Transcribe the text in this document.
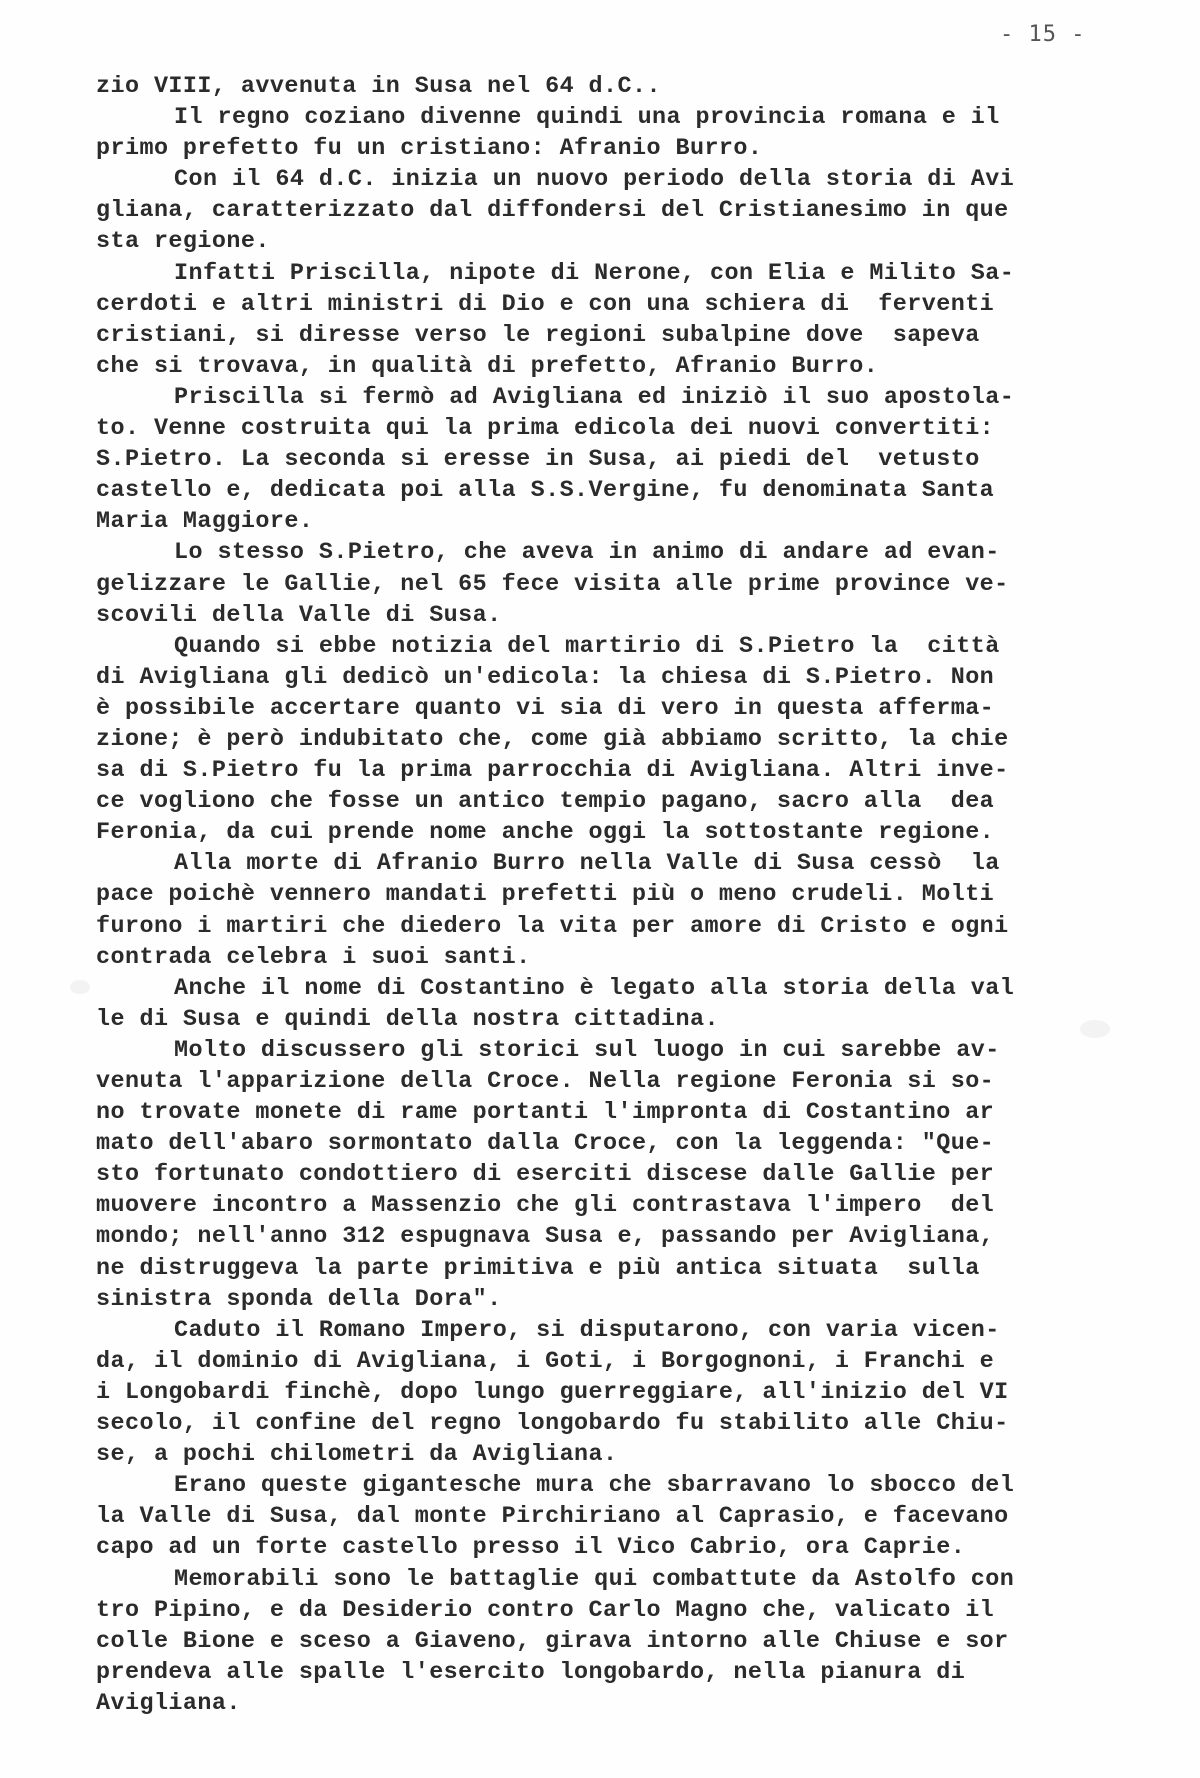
- 15 -
zio VIII, avvenuta in Susa nel 64 d.C..
Il regno coziano divenne quindi una provincia romana e il
primo prefetto fu un cristiano: Afranio Burro.
Con il 64 d.C. inizia un nuovo periodo della storia di Avi
gliana, caratterizzato dal diffondersi del Cristianesimo in que
sta regione.
Infatti Priscilla, nipote di Nerone, con Elia e Milito Sa-
cerdoti e altri ministri di Dio e con una schiera di  ferventi
cristiani, si diresse verso le regioni subalpine dove  sapeva
che si trovava, in qualità di prefetto, Afranio Burro.
Priscilla si fermò ad Avigliana ed iniziò il suo apostola-
to. Venne costruita qui la prima edicola dei nuovi convertiti:
S.Pietro. La seconda si eresse in Susa, ai piedi del  vetusto
castello e, dedicata poi alla S.S.Vergine, fu denominata Santa
Maria Maggiore.
Lo stesso S.Pietro, che aveva in animo di andare ad evan-
gelizzare le Gallie, nel 65 fece visita alle prime province ve-
scovili della Valle di Susa.
Quando si ebbe notizia del martirio di S.Pietro la  città
di Avigliana gli dedicò un'edicola: la chiesa di S.Pietro. Non
è possibile accertare quanto vi sia di vero in questa afferma-
zione; è però indubitato che, come già abbiamo scritto, la chie
sa di S.Pietro fu la prima parrocchia di Avigliana. Altri inve-
ce vogliono che fosse un antico tempio pagano, sacro alla  dea
Feronia, da cui prende nome anche oggi la sottostante regione.
Alla morte di Afranio Burro nella Valle di Susa cessò  la
pace poichè vennero mandati prefetti più o meno crudeli. Molti
furono i martiri che diedero la vita per amore di Cristo e ogni
contrada celebra i suoi santi.
Anche il nome di Costantino è legato alla storia della val
le di Susa e quindi della nostra cittadina.
Molto discussero gli storici sul luogo in cui sarebbe av-
venuta l'apparizione della Croce. Nella regione Feronia si so-
no trovate monete di rame portanti l'impronta di Costantino ar
mato dell'abaro sormontato dalla Croce, con la leggenda: "Que-
sto fortunato condottiero di eserciti discese dalle Gallie per
muovere incontro a Massenzio che gli contrastava l'impero  del
mondo; nell'anno 312 espugnava Susa e, passando per Avigliana,
ne distruggeva la parte primitiva e più antica situata  sulla
sinistra sponda della Dora".
Caduto il Romano Impero, si disputarono, con varia vicen-
da, il dominio di Avigliana, i Goti, i Borgognoni, i Franchi e
i Longobardi finchè, dopo lungo guerreggiare, all'inizio del VI
secolo, il confine del regno longobardo fu stabilito alle Chiu-
se, a pochi chilometri da Avigliana.
Erano queste gigantesche mura che sbarravano lo sbocco del
la Valle di Susa, dal monte Pirchiriano al Caprasio, e facevano
capo ad un forte castello presso il Vico Cabrio, ora Caprie.
Memorabili sono le battaglie qui combattute da Astolfo con
tro Pipino, e da Desiderio contro Carlo Magno che, valicato il
colle Bione e sceso a Giaveno, girava intorno alle Chiuse e sor
prendeva alle spalle l'esercito longobardo, nella pianura di
Avigliana.
